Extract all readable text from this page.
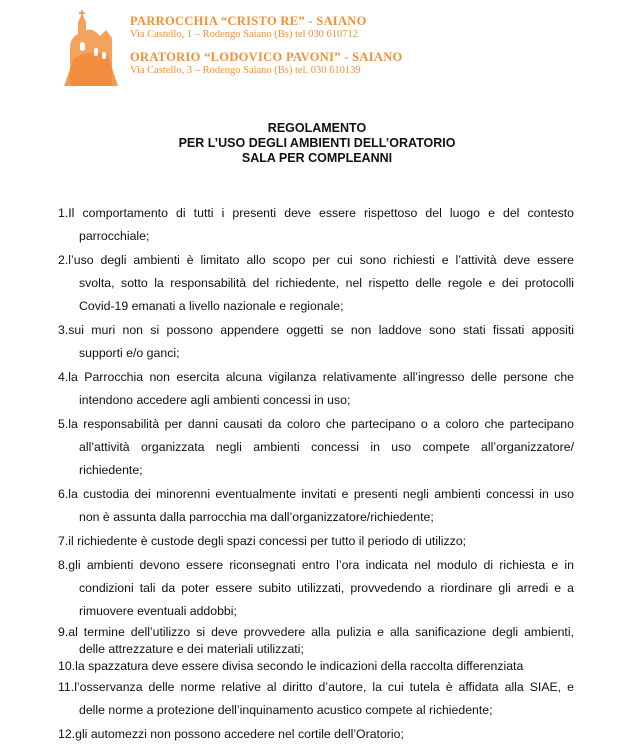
PARROCCHIA “CRISTO RE” - SAIANO
Via Castello, 1 – Rodengo Saiano (Bs) tel 030 610712
ORATORIO “LODOVICO PAVONI” - SAIANO
Via Castello, 3 – Rodengo Saiano (Bs) tel. 030 610139
REGOLAMENTO
PER L’USO DEGLI AMBIENTI DELL’ORATORIO
SALA PER COMPLEANNI
1.Il comportamento di tutti i presenti deve essere rispettoso del luogo e del contesto
parrocchiale;
2.l’uso degli ambienti è limitato allo scopo per cui sono richiesti e l’attività deve essere
svolta, sotto la responsabilità del richiedente, nel rispetto delle regole e dei protocolli
Covid-19 emanati a livello nazionale e regionale;
3.sui muri non si possono appendere oggetti se non laddove sono stati fissati appositi
supporti e/o ganci;
4.la Parrocchia non esercita alcuna vigilanza relativamente all’ingresso delle persone che
intendono accedere agli ambienti concessi in uso;
5.la responsabilità per danni causati da coloro che partecipano o a coloro che partecipano
all’attività organizzata negli ambienti concessi in uso compete all’organizzatore/
richiedente;
6.la custodia dei minorenni eventualmente invitati e presenti negli ambienti concessi in uso
non è assunta dalla parrocchia ma dall’organizzatore/richiedente;
7.il richiedente è custode degli spazi concessi per tutto il periodo di utilizzo;
8.gli ambienti devono essere riconsegnati entro l’ora indicata nel modulo di richiesta e in
condizioni tali da poter essere subito utilizzati, provvedendo a riordinare gli arredi e a
rimuovere eventuali addobbi;
9.al termine dell’utilizzo si deve provvedere alla pulizia e alla sanificazione degli ambienti,
delle attrezzature e dei materiali utilizzati;
10.la spazzatura deve essere divisa secondo le indicazioni della raccolta differenziata
11.l’osservanza delle norme relative al diritto d’autore, la cui tutela è affidata alla SIAE, e
delle norme a protezione dell’inquinamento acustico compete al richiedente;
12.gli automezzi non possono accedere nel cortile dell’Oratorio;
